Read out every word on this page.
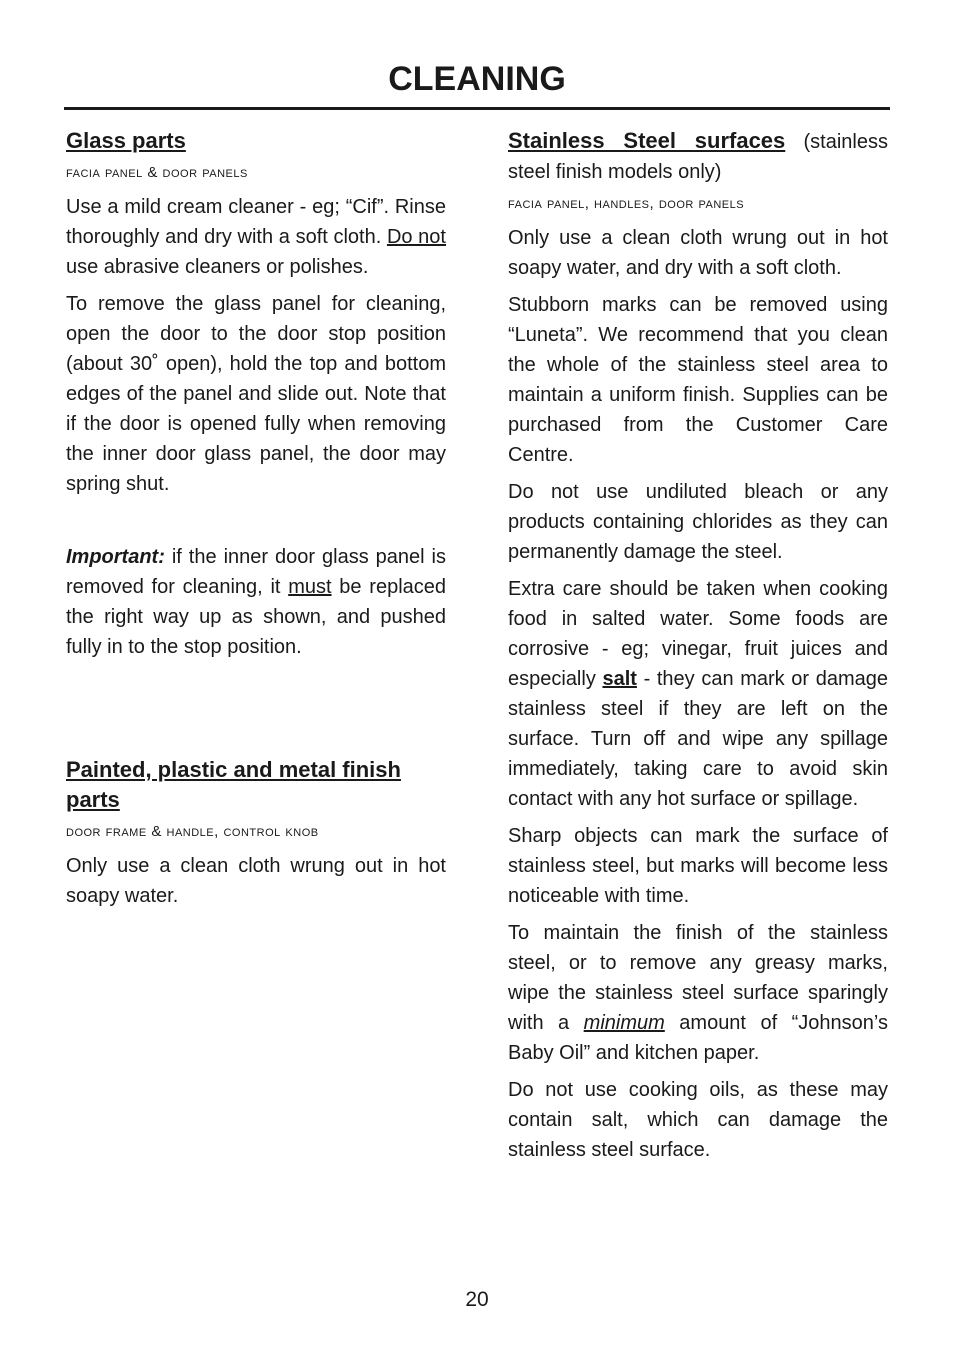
CLEANING
Glass parts
facia panel & door panels

Use a mild cream cleaner - eg; “Cif”. Rinse thoroughly and dry with a soft cloth. Do not use abrasive cleaners or polishes.

To remove the glass panel for cleaning, open the door to the door stop position (about 30˚ open), hold the top and bottom edges of the panel and slide out. Note that if the door is opened fully when removing the inner door glass panel, the door may spring shut.

Important: if the inner door glass panel is removed for cleaning, it must be replaced the right way up as shown, and pushed fully in to the stop position.

Painted, plastic and metal finish parts
door frame & handle, control knob

Only use a clean cloth wrung out in hot soapy water.

Stainless Steel surfaces (stainless steel finish models only)

facia panel, handles, door panels

Only use a clean cloth wrung out in hot soapy water, and dry with a soft cloth.

Stubborn marks can be removed using “Luneta”. We recommend that you clean the whole of the stainless steel area to maintain a uniform finish. Supplies can be purchased from the Customer Care Centre.

Do not use undiluted bleach or any products containing chlorides as they can permanently damage the steel.

Extra care should be taken when cooking food in salted water. Some foods are corrosive - eg; vinegar, fruit juices and especially salt - they can mark or damage stainless steel if they are left on the surface. Turn off and wipe any spillage immediately, taking care to avoid skin contact with any hot surface or spillage.

Sharp objects can mark the surface of stainless steel, but marks will become less noticeable with time.

To maintain the finish of the stainless steel, or to remove any greasy marks, wipe the stainless steel surface sparingly with a minimum amount of “Johnson’s Baby Oil” and kitchen paper.

Do not use cooking oils, as these may contain salt, which can damage the stainless steel surface.

20
